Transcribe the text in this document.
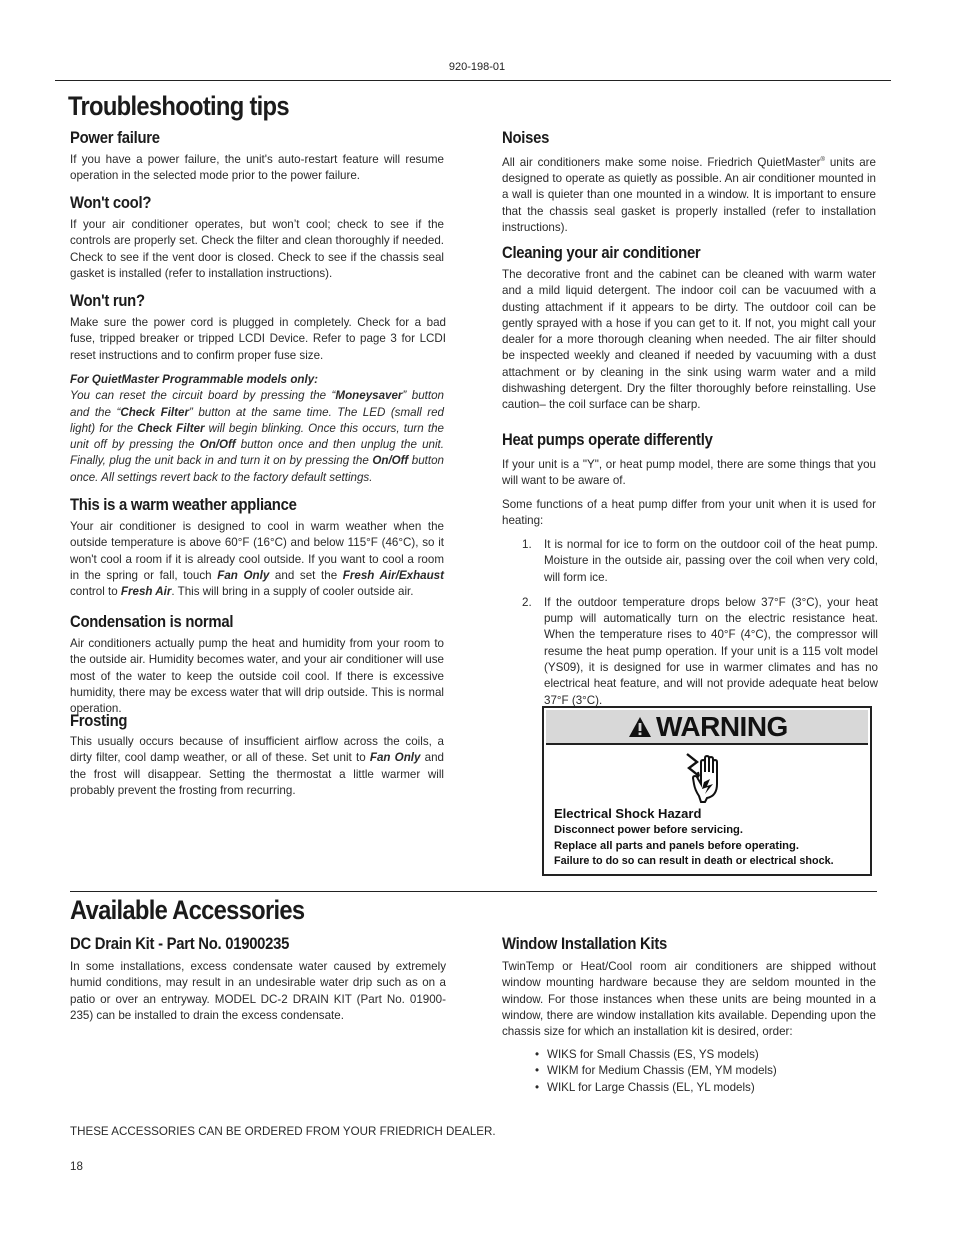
920-198-01
Troubleshooting tips
Power failure
If you have a power failure, the unit's auto-restart feature will resume operation in the selected mode prior to the power failure.
Won't cool?
If your air conditioner operates, but won’t cool; check to see if the controls are properly set. Check the filter and clean thoroughly if needed. Check to see if the vent door is closed. Check to see if the chassis seal gasket is installed (refer to installation instructions).
Won't run?
Make sure the power cord is plugged in completely. Check for a bad fuse, tripped breaker or tripped LCDI Device. Refer to page 3 for LCDI reset instructions and to confirm proper fuse size.
For QuietMaster Programmable models only:
You can reset the circuit board by pressing the “Moneysaver” button and the “Check Filter” button at the same time. The LED (small red light) for the Check Filter will begin blinking. Once this occurs, turn the unit off by pressing the On/Off button once and then unplug the unit. Finally, plug the unit back in and turn it on by pressing the On/Off button once. All settings revert back to the factory default settings.
This is a warm weather appliance
Your air conditioner is designed to cool in warm weather when the outside temperature is above 60°F (16°C) and below 115°F (46°C), so it won't cool a room if it is already cool outside. If you want to cool a room in the spring or fall, touch Fan Only and set the Fresh Air/Exhaust control to Fresh Air. This will bring in a supply of cooler outside air.
Condensation is normal
Air conditioners actually pump the heat and humidity from your room to the outside air. Humidity becomes water, and your air conditioner will use most of the water to keep the outside coil cool. If there is excessive humidity, there may be excess water that will drip outside. This is normal operation.
Frosting
This usually occurs because of insufficient airflow across the coils, a dirty filter, cool damp weather, or all of these. Set unit to Fan Only and the frost will disappear. Setting the thermostat a little warmer will probably prevent the frosting from recurring.
Noises
All air conditioners make some noise. Friedrich QuietMaster® units are designed to operate as quietly as possible. An air conditioner mounted in a wall is quieter than one mounted in a window. It is important to ensure that the chassis seal gasket is properly installed (refer to installation instructions).
Cleaning your air conditioner
The decorative front and the cabinet can be cleaned with warm water and a mild liquid detergent. The indoor coil can be vacuumed with a dusting attachment if it appears to be dirty. The outdoor coil can be gently sprayed with a hose if you can get to it. If not, you might call your dealer for a more thorough cleaning when needed. The air filter should be inspected weekly and cleaned if needed by vacuuming with a dust attachment or by cleaning in the sink using warm water and a mild dishwashing detergent. Dry the filter thoroughly before reinstalling. Use caution– the coil surface can be sharp.
Heat pumps operate differently
If your unit is a "Y", or heat pump model, there are some things that you will want to be aware of.
Some functions of a heat pump differ from your unit when it is used for heating:
1.	It is normal for ice to form on the outdoor coil of the heat pump. Moisture in the outside air, passing over the coil when very cold, will form ice.
2.	If the outdoor temperature drops below 37°F (3°C), your heat pump will automatically turn on the electric resistance heat. When the temperature rises to 40°F (4°C), the compressor will resume the heat pump operation. If your unit is a 115 volt model (YS09), it is designed for use in warmer climates and has no electrical heat feature, and will not provide adequate heat below 37°F (3°C).
WARNING
Electrical Shock Hazard
Disconnect power before servicing.
Replace all parts and panels before operating.
Failure to do so can result in death or electrical shock.
Available Accessories
DC Drain Kit - Part No. 01900235
In some installations, excess condensate water caused by extremely humid conditions, may result in an undesirable water drip such as on a patio or over an entryway. MODEL DC-2 DRAIN KIT (Part No. 01900-235) can be installed to drain the excess condensate.
Window Installation Kits
TwinTemp or Heat/Cool room air conditioners are shipped without window mounting hardware because they are seldom mounted in the window. For those instances when these units are being mounted in a window, there are window installation kits available. Depending upon the chassis size for which an installation kit is desired, order:
• WIKS for Small Chassis (ES, YS models)
• WIKM for Medium Chassis (EM, YM models)
• WIKL for Large Chassis (EL, YL models)
THESE ACCESSORIES CAN BE ORDERED FROM YOUR FRIEDRICH DEALER.
18
